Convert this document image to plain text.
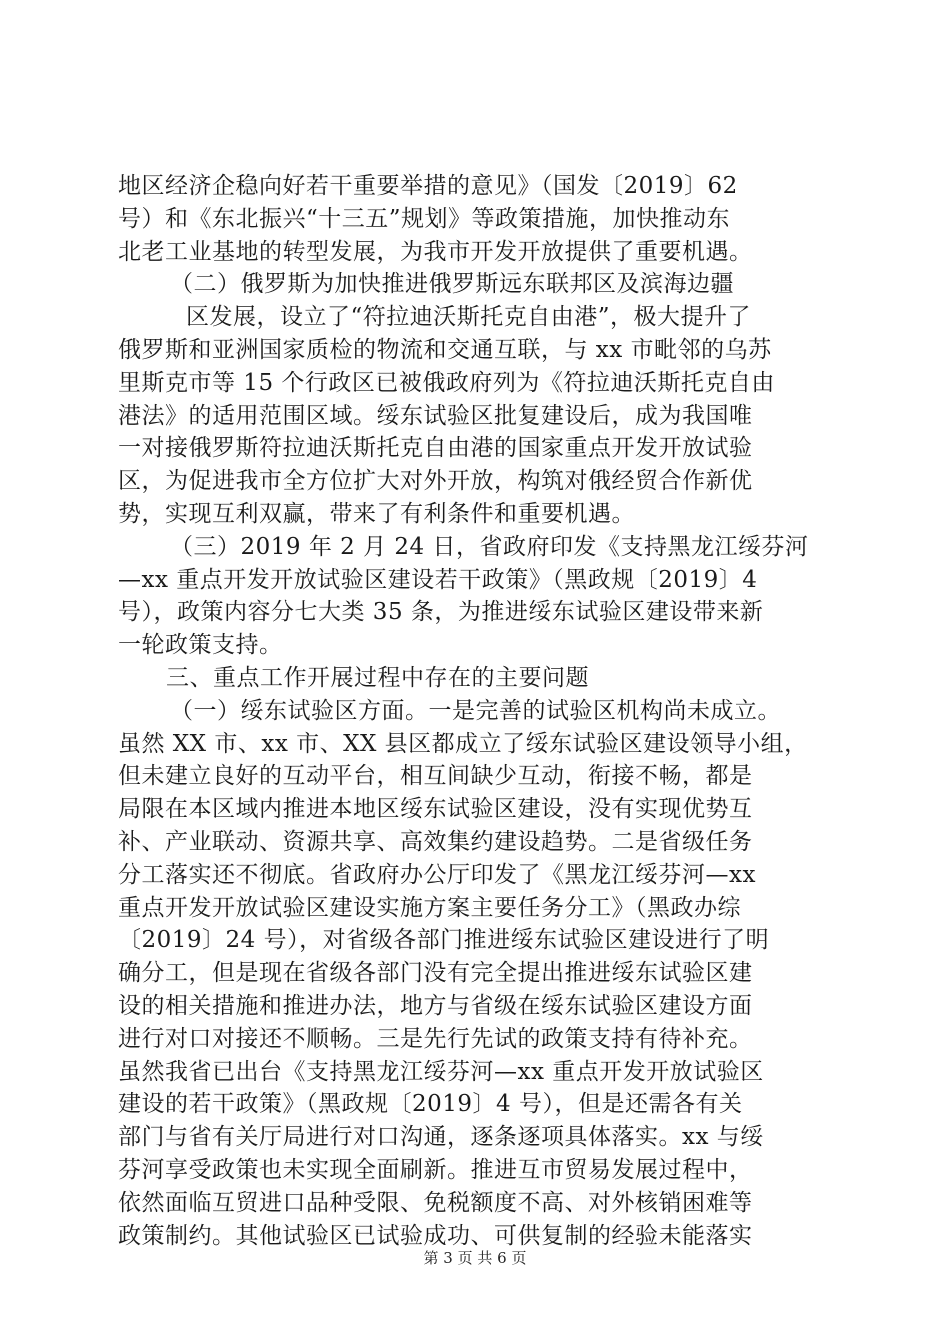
地区经济企稳向好若干重要举措的意见》（国发〔2019〕62
号）和《东北振兴“十三五”规划》等政策措施，加快推动东
北老工业基地的转型发展，为我市开发开放提供了重要机遇。
（二）俄罗斯为加快推进俄罗斯远东联邦区及滨海边疆
区发展，设立了“符拉迪沃斯托克自由港”，极大提升了
俄罗斯和亚洲国家质检的物流和交通互联，与 xx 市毗邻的乌苏
里斯克市等 15 个行政区已被俄政府列为《符拉迪沃斯托克自由
港法》的适用范围区域。绥东试验区批复建设后，成为我国唯
一对接俄罗斯符拉迪沃斯托克自由港的国家重点开发开放试验
区，为促进我市全方位扩大对外开放，构筑对俄经贸合作新优
势，实现互利双赢，带来了有利条件和重要机遇。
（三）2019 年 2 月 24 日，省政府印发《支持黑龙江绥芬河
—xx 重点开发开放试验区建设若干政策》（黑政规〔2019〕4
号），政策内容分七大类 35 条，为推进绥东试验区建设带来新
一轮政策支持。
三、重点工作开展过程中存在的主要问题
（一）绥东试验区方面。一是完善的试验区机构尚未成立。
虽然 XX 市、xx 市、XX 县区都成立了绥东试验区建设领导小组，
但未建立良好的互动平台，相互间缺少互动，衔接不畅，都是
局限在本区域内推进本地区绥东试验区建设，没有实现优势互
补、产业联动、资源共享、高效集约建设趋势。二是省级任务
分工落实还不彻底。省政府办公厅印发了《黑龙江绥芬河—xx
重点开发开放试验区建设实施方案主要任务分工》（黑政办综
〔2019〕24 号），对省级各部门推进绥东试验区建设进行了明
确分工，但是现在省级各部门没有完全提出推进绥东试验区建
设的相关措施和推进办法，地方与省级在绥东试验区建设方面
进行对口对接还不顺畅。三是先行先试的政策支持有待补充。
虽然我省已出台《支持黑龙江绥芬河—xx 重点开发开放试验区
建设的若干政策》（黑政规〔2019〕4 号），但是还需各有关
部门与省有关厅局进行对口沟通，逐条逐项具体落实。xx 与绥
芬河享受政策也未实现全面刷新。推进互市贸易发展过程中，
依然面临互贸进口品种受限、免税额度不高、对外核销困难等
政策制约。其他试验区已试验成功、可供复制的经验未能落实
第 3 页 共 6 页
